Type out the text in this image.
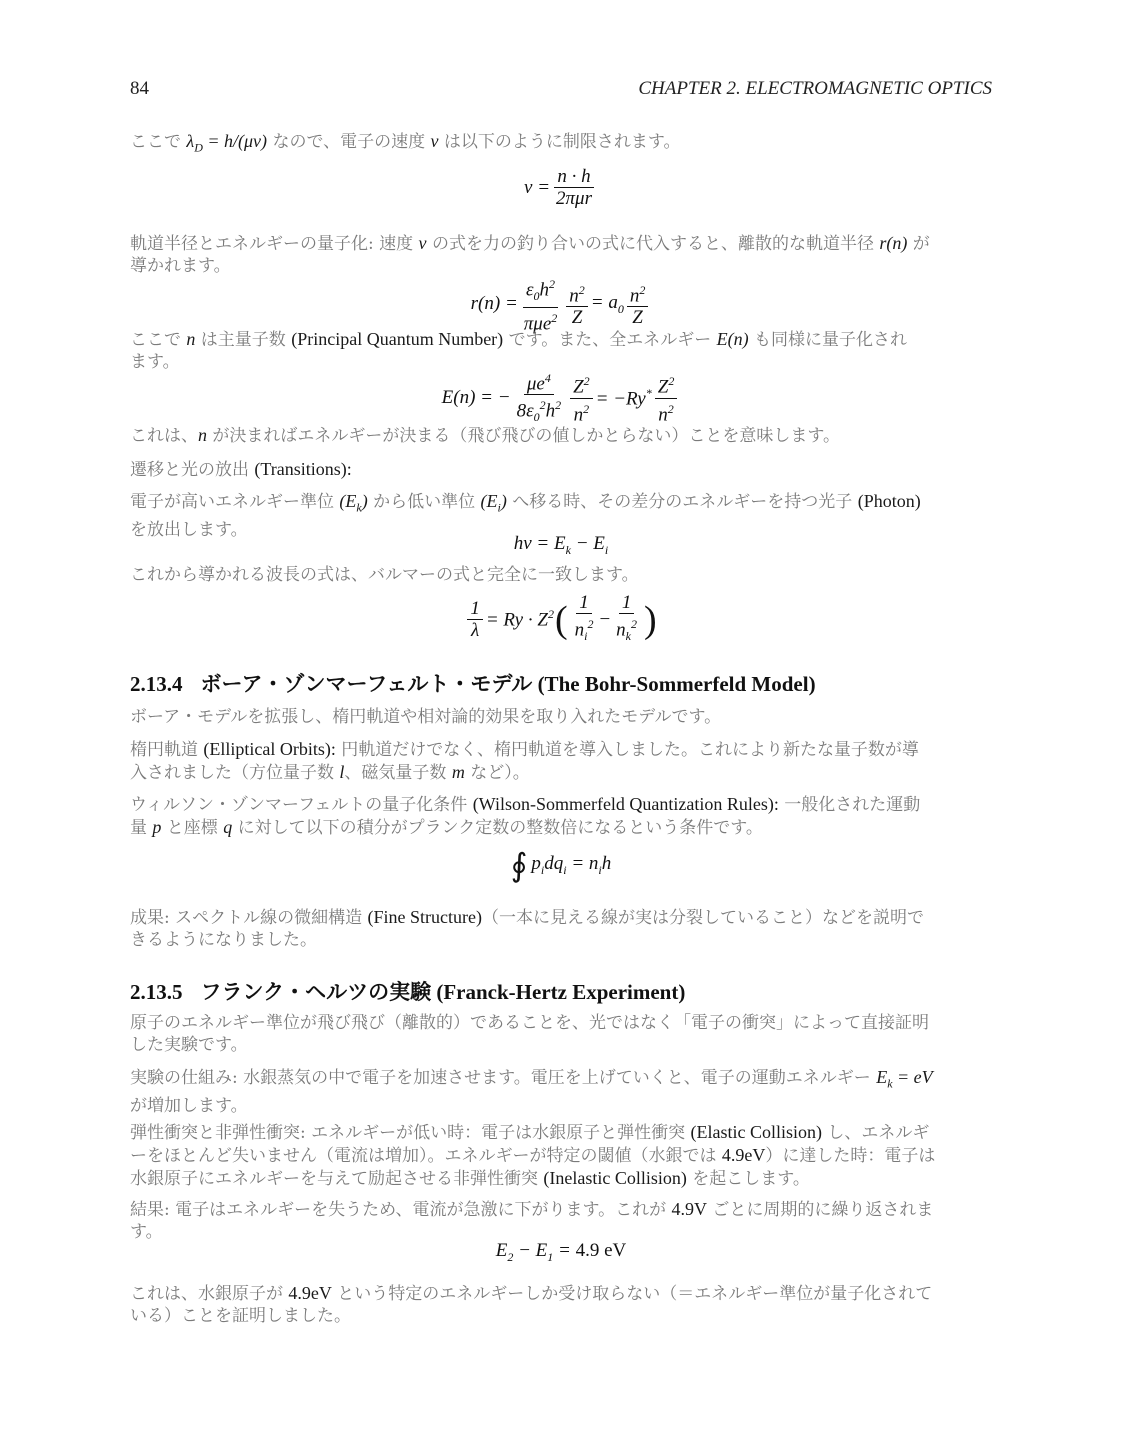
84	CHAPTER 2. ELECTROMAGNETIC OPTICS

ここで $\lambda_D = h/(\mu v)$ なので、電子の速度 v は以下のように制限されます。

$v = \frac{n \cdot h}{\text{2πμr}}$

軌道半径とエネルギーの量子化: 速度 v の式を力の釣り合いの式に代入すると、離散的な軌道半径 r(n) が
導かれます。

$r(n) = \frac{\varepsilon_0h^2}{\pi\mu e^2} \frac{n^2}{Z} = a_0 \frac{n^2}{Z}$

ここで n は主量子数 (Principal Quantum Number) です。また、全エネルギー E(n) も同様に量子化され
ます。

E(n) = − $\frac{\mu e^4}{8\varepsilon_0^2h^2} \frac{Z^2}{n^2} = -Ry^* \frac{Z^2}{n^2}$

これは、n が決まればエネルギーが決まる（飛び飛びの値しかとらない）ことを意味します。

遷移と光の放出 (Transitions):

電子が高いエネルギー準位 $(E_k)$ から低い準位 $(E_i)$ へ移る時、その差分のエネルギーを持つ光子 (Photon)
を放出します。

$h\nu = E_k - E_i$

これから導かれる波長の式は、バルマーの式と完全に一致します。

$\frac{1}{\lambda} = Ry \cdot Z^2$ ( $\frac{1}{n_i^2} - \frac{1}{n_k^2}$ )
2.13.4 ボーア・ゾンマーフェルト・モデル (The Bohr-Sommerfeld Model)

ボーア・モデルを拡張し、楕円軌道や相対論的効果を取り入れたモデルです。

楕円軌道 (Elliptical Orbits): 円軌道だけでなく、楕円軌道を導入しました。これにより新たな量子数が導
入されました（方位量子数 l、磁気量子数 m など）。

ウィルソン・ゾンマーフェルトの量子化条件 (Wilson-Sommerfeld Quantization Rules): 一般化された運動
量 p と座標 q に対して以下の積分がプランク定数の整数倍になるという条件です。

∮ $p_idq_i = n_ih$

成果: スペクトル線の微細構造 (Fine Structure)（一本に見える線が実は分裂していること）などを説明で
きるようになりました。

2.13.5 フランク・ヘルツの実験 (Franck-Hertz Experiment)

原子のエネルギー準位が飛び飛び（離散的）であることを、光ではなく「電子の衝突」によって直接証明
した実験です。

実験の仕組み: 水銀蒸気の中で電子を加速させます。電圧を上げていくと、電子の運動エネルギー $E_k$ = eV
が増加します。

弾性衝突と非弾性衝突: エネルギーが低い時：電子は水銀原子と弾性衝突 (Elastic Collision) し、エネルギ
ーをほとんど失いません（電流は増加）。エネルギーが特定の閾値（水銀では 4.9eV）に達した時：電子は
水銀原子にエネルギーを与えて励起させる非弾性衝突 (Inelastic Collision) を起こします。

結果: 電子はエネルギーを失うため、電流が急激に下がります。これが 4.9V ごとに周期的に繰り返されま
す。

$E_2 - E_1 = 4.9$ eV

これは、水銀原子が 4.9eV という特定のエネルギーしか受け取らない（＝エネルギー準位が量子化されて
いる）ことを証明しました。
